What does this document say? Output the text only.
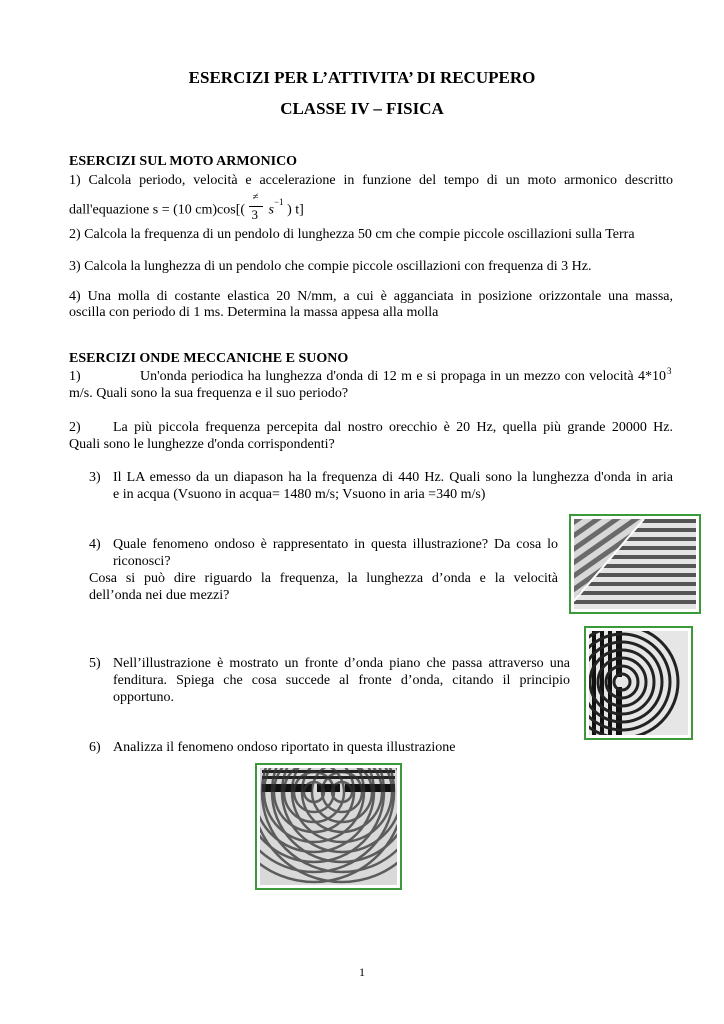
ESERCIZI PER L’ATTIVITA’ DI RECUPERO
CLASSE IV – FISICA
ESERCIZI SUL MOTO ARMONICO
1) Calcola periodo, velocità e accelerazione in funzione del tempo di un moto armonico descritto
dall'equazione s = (10 $cm)\cos[( \frac{\ne}{3} s^{-1}$ ) t]
2) Calcola la frequenza di un pendolo di lunghezza 50 cm che compie piccole oscillazioni sulla Terra
3) Calcola la lunghezza di un pendolo che compie piccole oscillazioni con frequenza di 3 Hz.
4) Una molla di costante elastica 20 N/mm, a cui è agganciata in posizione orizzontale una massa,
oscilla con periodo di 1 ms. Determina la massa appesa alla molla
ESERCIZI ONDE MECCANICHE E SUONO
1)	Un'onda periodica ha lunghezza d'onda di 12 m e si propaga in un mezzo con velocità 4*10 3
m/s. Quali sono la sua frequenza e il suo periodo?
2) La più piccola frequenza percepita dal nostro orecchio è 20 Hz, quella più grande 20000 Hz.
Quali sono le lunghezze d'onda corrispondenti?
3) Il LA emesso da un diapason ha la frequenza di 440 Hz. Quali sono la lunghezza d'onda in aria
e in acqua (Vsuono in acqua= 1480 m/s; Vsuono in aria =340 m/s)
4) Quale fenomeno ondoso è rappresentato in questa illustrazione? Da cosa lo
riconosci?
Cosa si può dire riguardo la frequenza, la lunghezza d’onda e la velocità
dell’onda nei due mezzi?
5) Nell’illustrazione è mostrato un fronte d’onda piano che passa attraverso una
fenditura. Spiega che cosa succede al fronte d’onda, citando il principio
opportuno.
6) Analizza il fenomeno ondoso riportato in questa illustrazione
1
